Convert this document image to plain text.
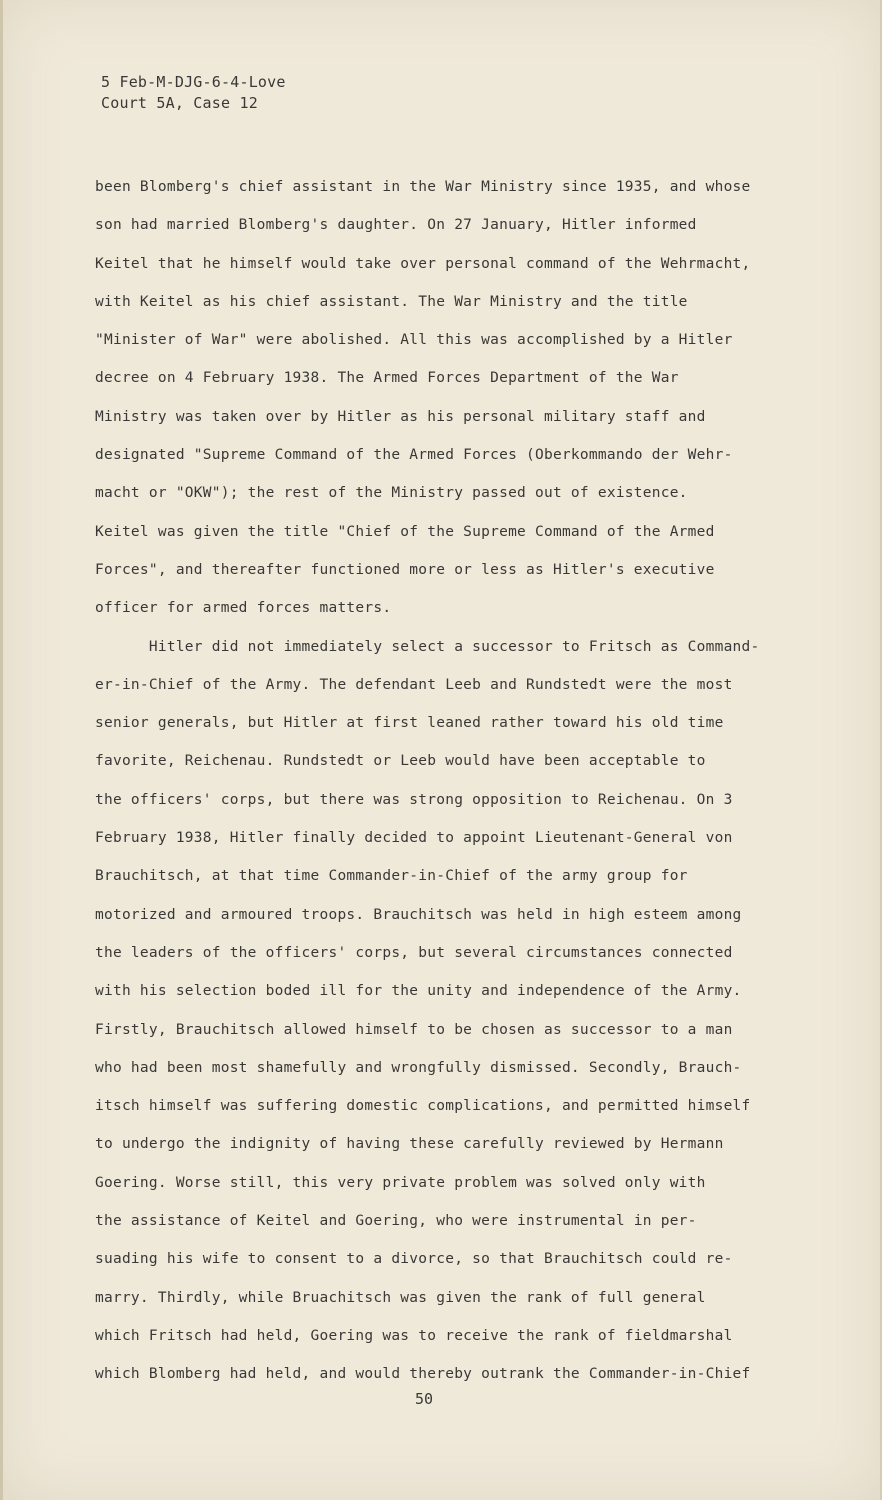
5 Feb-M-DJG-6-4-Love
Court 5A, Case 12
been Blomberg's chief assistant in the War Ministry since 1935, and whose
son had married Blomberg's daughter. On 27 January, Hitler informed
Keitel that he himself would take over personal command of the Wehrmacht,
with Keitel as his chief assistant. The War Ministry and the title
"Minister of War" were abolished. All this was accomplished by a Hitler
decree on 4 February 1938. The Armed Forces Department of the War
Ministry was taken over by Hitler as his personal military staff and
designated "Supreme Command of the Armed Forces (Oberkommando der Wehr-
macht or "OKW"); the rest of the Ministry passed out of existence.
Keitel was given the title "Chief of the Supreme Command of the Armed
Forces", and thereafter functioned more or less as Hitler's executive
officer for armed forces matters.
Hitler did not immediately select a successor to Fritsch as Command-
er-in-Chief of the Army. The defendant Leeb and Rundstedt were the most
senior generals, but Hitler at first leaned rather toward his old time
favorite, Reichenau. Rundstedt or Leeb would have been acceptable to
the officers' corps, but there was strong opposition to Reichenau. On 3
February 1938, Hitler finally decided to appoint Lieutenant-General von
Brauchitsch, at that time Commander-in-Chief of the army group for
motorized and armoured troops. Brauchitsch was held in high esteem among
the leaders of the officers' corps, but several circumstances connected
with his selection boded ill for the unity and independence of the Army.
Firstly, Brauchitsch allowed himself to be chosen as successor to a man
who had been most shamefully and wrongfully dismissed. Secondly, Brauch-
itsch himself was suffering domestic complications, and permitted himself
to undergo the indignity of having these carefully reviewed by Hermann
Goering. Worse still, this very private problem was solved only with
the assistance of Keitel and Goering, who were instrumental in per-
suading his wife to consent to a divorce, so that Brauchitsch could re-
marry. Thirdly, while Bruachitsch was given the rank of full general
which Fritsch had held, Goering was to receive the rank of fieldmarshal
which Blomberg had held, and would thereby outrank the Commander-in-Chief
50
